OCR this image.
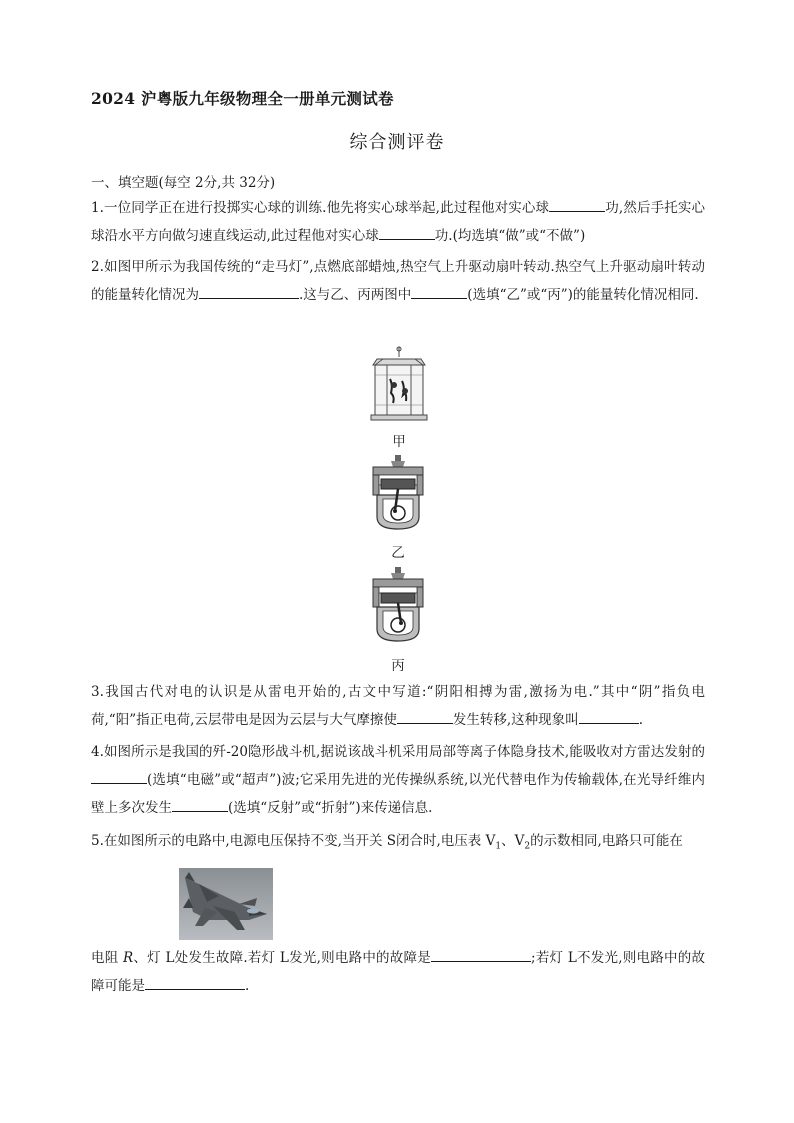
2024 沪粤版九年级物理全一册单元测试卷
综合测评卷
一、填空题(每空 2分,共 32分)
1.一位同学正在进行投掷实心球的训练.他先将实心球举起,此过程他对实心球	功,然后手托实心球沿水平方向做匀速直线运动,此过程他对实心球	功.(均选填“做”或“不做”)
2.如图甲所示为我国传统的“走马灯”,点燃底部蜡烛,热空气上升驱动扇叶转动.热空气上升驱动扇叶转动的能量转化情况为	.这与乙、丙两图中	(选填“乙”或“丙”)的能量转化情况相同.
甲
乙
丙
3.我国古代对电的认识是从雷电开始的,古文中写道:“阴阳相搏为雷,激扬为电.”其中“阴”指负电荷,“阳”指正电荷,云层带电是因为云层与大气摩擦使	发生转移,这种现象叫	.
4.如图所示是我国的歼-20隐形战斗机,据说该战斗机采用局部等离子体隐身技术,能吸收对方雷达发射的(选填“电磁”或“超声”)波;它采用先进的光传操纵系统,以光代替电作为传输载体,在光导纤维内壁上多次发生	(选填“反射”或“折射”)来传递信息.
5.在如图所示的电路中,电源电压保持不变,当开关 S闭合时,电压表 $V_1$、$V_2$的示数相同,电路只可能在
电阻 R、灯 L处发生故障.若灯 L发光,则电路中的故障是	;若灯 L不发光,则电路中的故障可能是	.
